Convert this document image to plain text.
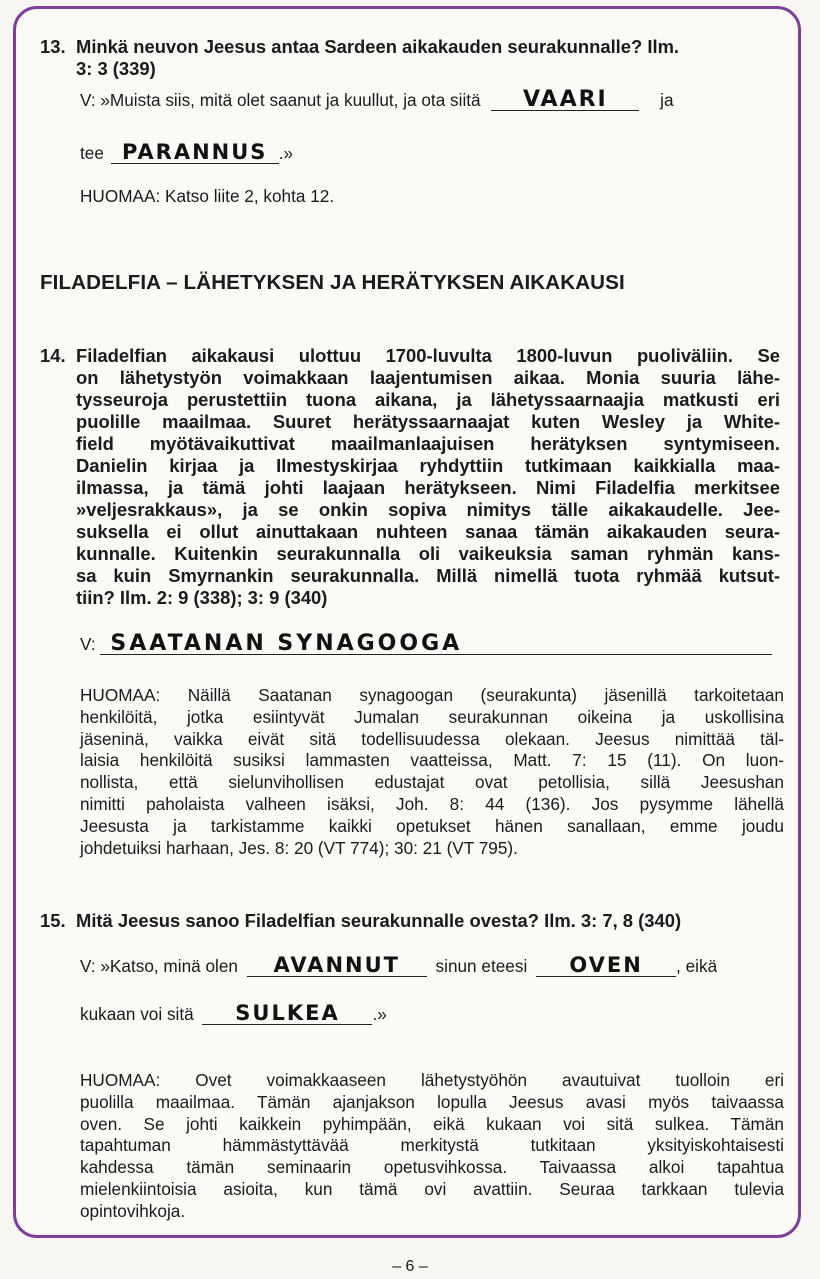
13. Minkä neuvon Jeesus antaa Sardeen aikakauden seurakunnalle? Ilm.
3: 3 (339)
V: »Muista siis, mitä olet saanut ja kuullut, ja ota siitä VAARI	ja
tee PARANNUS .»
HUOMAA: Katso liite 2, kohta 12.
FILADELFIA – LÄHETYKSEN JA HERÄTYKSEN AIKAKAUSI
14. Filadelfian aikakausi ulottuu 1700-luvulta 1800-luvun puoliväliin. Se
on lähetystyön voimakkaan laajentumisen aikaa. Monia suuria lähe-
tysseuroja perustettiin tuona aikana, ja lähetyssaarnaajia matkusti eri
puolille maailmaa. Suuret herätyssaarnaajat kuten Wesley ja White-
field myötävaikuttivat maailmanlaajuisen herätyksen syntymiseen.
Danielin kirjaa ja Ilmestyskirjaa ryhdyttiin tutkimaan kaikkialla maa-
ilmassa, ja tämä johti laajaan herätykseen. Nimi Filadelfia merkitsee
»veljesrakkaus», ja se onkin sopiva nimitys tälle aikakaudelle. Jee-
suksella ei ollut ainuttakaan nuhteen sanaa tämän aikakauden seura-
kunnalle. Kuitenkin seurakunnalla oli vaikeuksia saman ryhmän kans-
sa kuin Smyrnankin seurakunnalla. Millä nimellä tuota ryhmää kutsut-
tiin? Ilm. 2: 9 (338); 3: 9 (340)
V: SAATANAN SYNAGOOGA
HUOMAA: Näillä Saatanan synagoogan (seurakunta) jäsenillä tarkoitetaan
henkilöitä, jotka esiintyvät Jumalan seurakunnan oikeina ja uskollisina
jäseninä, vaikka eivät sitä todellisuudessa olekaan. Jeesus nimittää täl-
laisia henkilöitä susiksi lammasten vaatteissa, Matt. 7: 15 (11). On luon-
nollista, että sielunvihollisen edustajat ovat petollisia, sillä Jeesushan
nimitti paholaista valheen isäksi, Joh. 8: 44 (136). Jos pysymme lähellä
Jeesusta ja tarkistamme kaikki opetukset hänen sanallaan, emme joudu
johdetuiksi harhaan, Jes. 8: 20 (VT 774); 30: 21 (VT 795).
15. Mitä Jeesus sanoo Filadelfian seurakunnalle ovesta? Ilm. 3: 7, 8 (340)
V: »Katso, minä olen AVANNUT sinun eteesi OVEN , eikä
kukaan voi sitä SULKEA .»
HUOMAA: Ovet voimakkaaseen lähetystyöhön avautuivat tuolloin eri
puolilla maailmaa. Tämän ajanjakson lopulla Jeesus avasi myös taivaassa
oven. Se johti kaikkein pyhimpään, eikä kukaan voi sitä sulkea. Tämän
tapahtuman hämmästyttävää merkitystä tutkitaan yksityiskohtaisesti
kahdessa tämän seminaarin opetusvihkossa. Taivaassa alkoi tapahtua
mielenkiintoisia asioita, kun tämä ovi avattiin. Seuraa tarkkaan tulevia
opintovihkoja.
– 6 –
